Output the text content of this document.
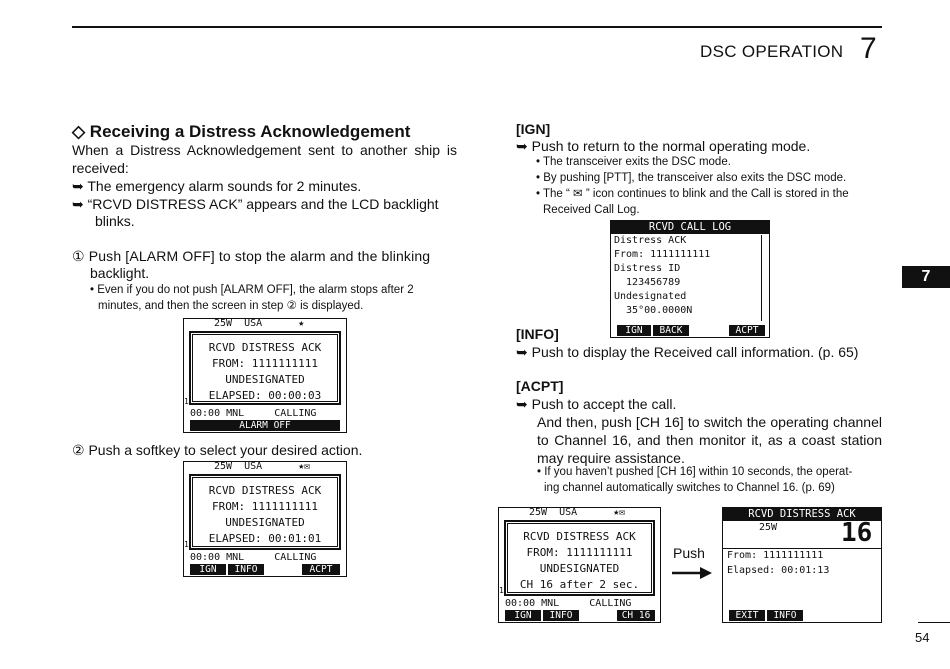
DSC OPERATION 7
7
54
◇ Receiving a Distress Acknowledgement
When a Distress Acknowledgement sent to another ship is received:
➥ The emergency alarm sounds for 2 minutes.
➥ “RCVD DISTRESS ACK” appears and the LCD backlight
blinks.
① Push [ALARM OFF] to stop the alarm and the blinking
backlight.
• Even if you do not push [ALARM OFF], the alarm stops after 2
minutes, and then the screen in step ② is displayed.
25W  USA      ★
RCVD DISTRESS ACK
FROM: 1111111111
UNDESIGNATED
ELAPSED: 00:00:03
1
00:00 MNL     CALLING
ALARM OFF
② Push a softkey to select your desired action.
25W  USA      ★✉
RCVD DISTRESS ACK
FROM: 1111111111
UNDESIGNATED
ELAPSED: 00:01:01
1
00:00 MNL     CALLING
IGN	INFO	ACPT
[IGN]
➥ Push to return to the normal operating mode.
• The transceiver exits the DSC mode.
• By pushing [PTT], the transceiver also exits the DSC mode.
• The “ ✉ ” icon continues to blink and the Call is stored in the
Received Call Log.
RCVD CALL LOG
Distress ACK
From: 1111111111
Distress ID
123456789
Undesignated
35°00.0000N
IGN	BACK	ACPT
[INFO]
➥ Push to display the Received call information. (p. 65)
[ACPT]
➥ Push to accept the call.
And then, push [CH 16] to switch the operating channel to Channel 16, and then monitor it, as a coast station may require assistance.
• If you haven’t pushed [CH 16] within 10 seconds, the operat-
ing channel automatically switches to Channel 16. (p. 69)
25W  USA      ★✉
RCVD DISTRESS ACK
FROM: 1111111111
UNDESIGNATED
CH 16 after 2 sec.
1
00:00 MNL     CALLING
IGN	INFO	CH 16
Push
RCVD DISTRESS ACK
25W 16
From: 1111111111
Elapsed: 00:01:13
EXIT	INFO
